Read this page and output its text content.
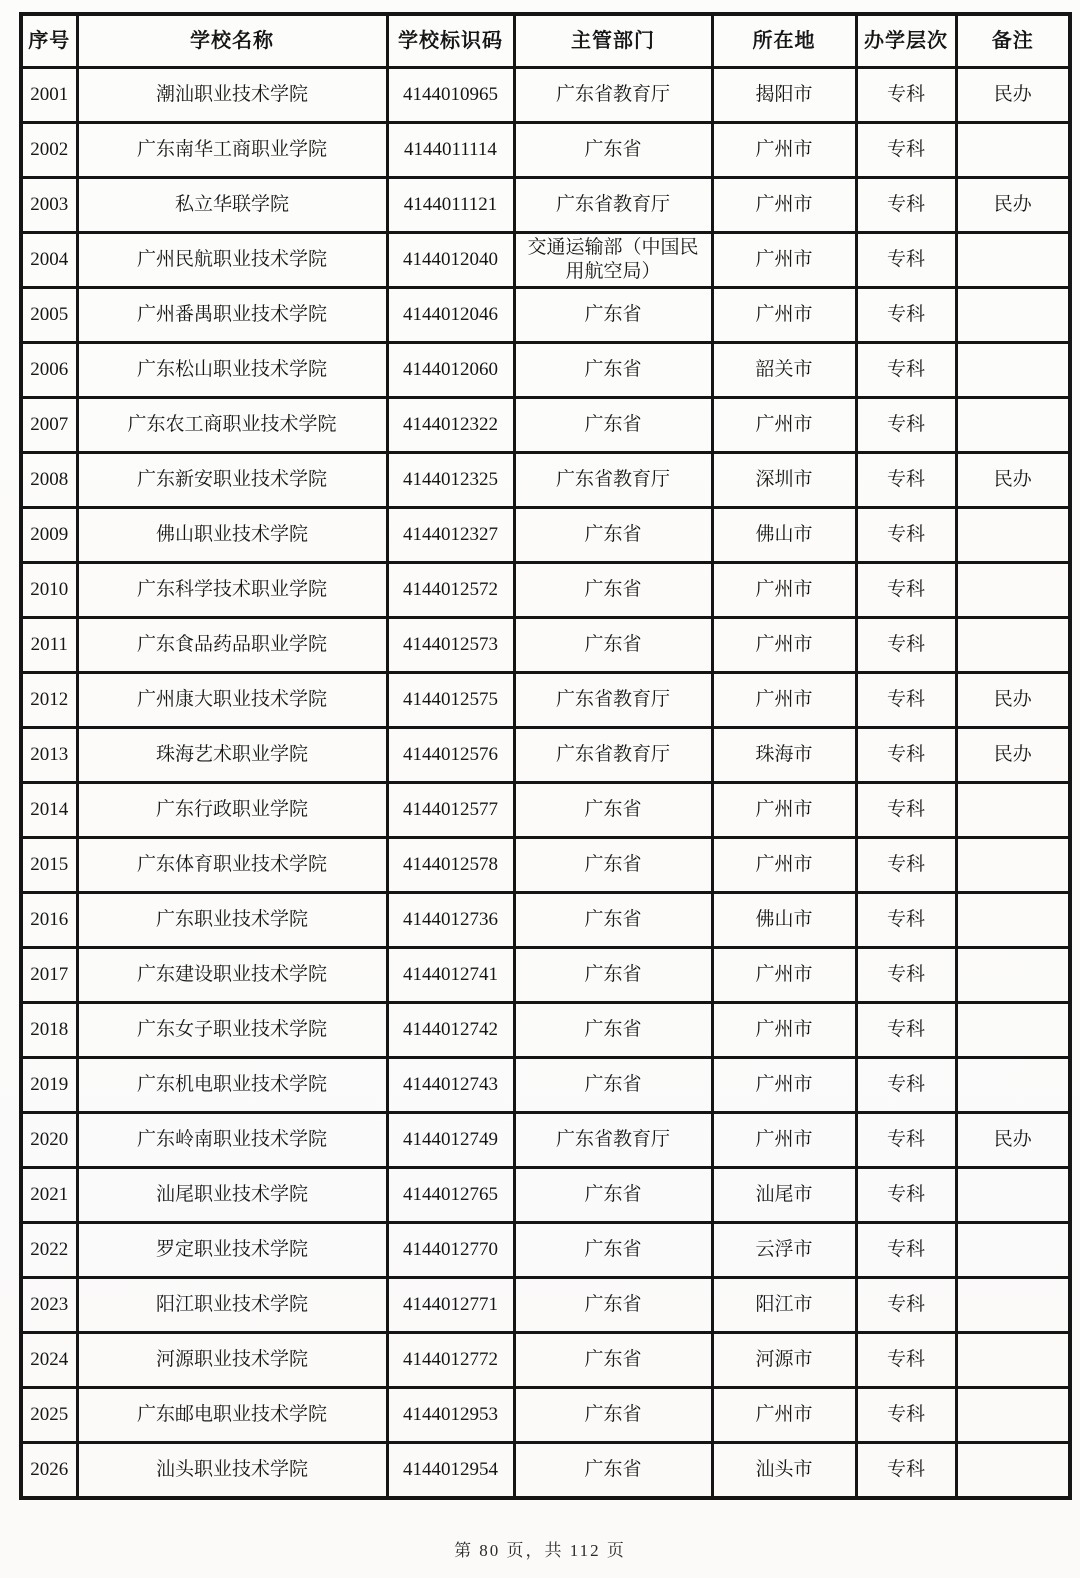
序号	学校名称	学校标识码	主管部门	所在地	办学层次	备注
2001	潮汕职业技术学院	4144010965	广东省教育厅	揭阳市	专科	民办
2002	广东南华工商职业学院	4144011114	广东省	广州市	专科	
2003	私立华联学院	4144011121	广东省教育厅	广州市	专科	民办
2004	广州民航职业技术学院	4144012040	交通运输部（中国民用航空局）	广州市	专科	
2005	广州番禺职业技术学院	4144012046	广东省	广州市	专科	
2006	广东松山职业技术学院	4144012060	广东省	韶关市	专科	
2007	广东农工商职业技术学院	4144012322	广东省	广州市	专科	
2008	广东新安职业技术学院	4144012325	广东省教育厅	深圳市	专科	民办
2009	佛山职业技术学院	4144012327	广东省	佛山市	专科	
2010	广东科学技术职业学院	4144012572	广东省	广州市	专科	
2011	广东食品药品职业学院	4144012573	广东省	广州市	专科	
2012	广州康大职业技术学院	4144012575	广东省教育厅	广州市	专科	民办
2013	珠海艺术职业学院	4144012576	广东省教育厅	珠海市	专科	民办
2014	广东行政职业学院	4144012577	广东省	广州市	专科	
2015	广东体育职业技术学院	4144012578	广东省	广州市	专科	
2016	广东职业技术学院	4144012736	广东省	佛山市	专科	
2017	广东建设职业技术学院	4144012741	广东省	广州市	专科	
2018	广东女子职业技术学院	4144012742	广东省	广州市	专科	
2019	广东机电职业技术学院	4144012743	广东省	广州市	专科	
2020	广东岭南职业技术学院	4144012749	广东省教育厅	广州市	专科	民办
2021	汕尾职业技术学院	4144012765	广东省	汕尾市	专科	
2022	罗定职业技术学院	4144012770	广东省	云浮市	专科	
2023	阳江职业技术学院	4144012771	广东省	阳江市	专科	
2024	河源职业技术学院	4144012772	广东省	河源市	专科	
2025	广东邮电职业技术学院	4144012953	广东省	广州市	专科	
2026	汕头职业技术学院	4144012954	广东省	汕头市	专科	
第 80 页，共 112 页
